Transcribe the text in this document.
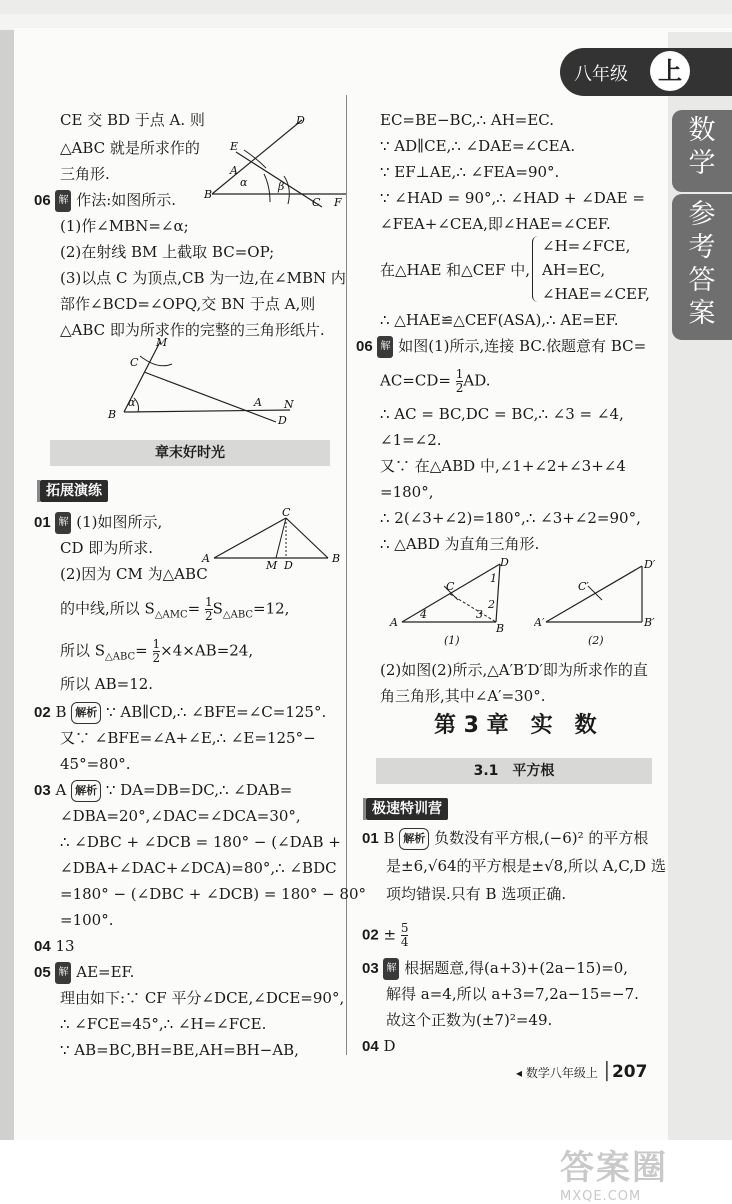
八年级	上
数
学
参
考
答
案
CE 交 BD 于点 A. 则
△ABC 就是所求作的
三角形.
D
E
A
α	β
B
C F
06 解 作法:如图所示.
(1)作∠MBN=∠α;
(2)在射线 BM 上截取 BC=OP;
(3)以点 C 为顶点,CB 为一边,在∠MBN 内
部作∠BCD=∠OPQ,交 BN 于点 A,则
△ABC 即为所求作的完整的三角形纸片.
M
C
α
B
A N
D
章末好时光
拓展演练
01 解 (1)如图所示,
CD 即为所求.
(2)因为 CM 为△ABC
C
A
M D
B
的中线,所以 $S_{\triangle AMC}= \frac{1}{2} S_{\triangle ABC}=12$,
所以 $S_{\triangle ABC}= \frac{1}{2} \times 4\times AB=24$,
所以 AB=12.
02 B 解析 ∵ AB∥CD,∴ ∠BFE=∠C=125°.
又∵ ∠BFE=∠A+∠E,∴ ∠E=125°−
45°=80°.
03 A 解析 ∵ DA=DB=DC,∴ ∠DAB=
∠DBA=20°,∠DAC=∠DCA=30°,
∴ ∠DBC + ∠DCB = 180° − (∠DAB +
∠DBA+∠DAC+∠DCA)=80°,∴ ∠BDC
=180° − (∠DBC + ∠DCB) = 180° − 80°
=100°.
04 13
05 解 AE=EF.
理由如下:∵ CF 平分∠DCE,∠DCE=90°,
∴ ∠FCE=45°,∴ ∠H=∠FCE.
∵ AB=BC,BH=BE,AH=BH−AB,
EC=BE−BC,∴ AH=EC.
∵ AD∥CE,∴ ∠DAE=∠CEA.
∵ EF⊥AE,∴ ∠FEA=90°.
∵ ∠HAD = 90°,∴ ∠HAD + ∠DAE =
∠FEA+∠CEA,即∠HAE=∠CEF.
在△HAE 和△CEF 中,
∠H=∠FCE,
AH=EC,
∠HAE=∠CEF,
∴ △HAE≌△CEF(ASA),∴ AE=EF.
06 解 如图(1)所示,连接 BC.依题意有 BC=
$AC=CD= \frac{1}{2}$ AD.
∴ AC = BC,DC = BC,∴ ∠3 = ∠4,
∠1=∠2.
又∵ 在△ABD 中,∠1+∠2+∠3+∠4
=180°,
∴ 2(∠3+∠2)=180°,∴ ∠3+∠2=90°,
∴ △ABD 为直角三角形.
D
1
C
2
4	3
A	B
(1)
D′
C′
A′	B′
(2)
(2)如图(2)所示,△A′B′D′即为所求作的直
角三角形,其中∠A′=30°.
第 3 章　实　数
3.1　平方根
极速特训营
01 B 解析 负数没有平方根,(−6)² 的平方根
是±6,√64的平方根是±√8,所以 A,C,D 选
项均错误.只有 B 选项正确.
$02 \pm \frac{5}{4}$
03 解 根据题意,得(a+3)+(2a−15)=0,
解得 a=4,所以 a+3=7,2a−15=−7.
故这个正数为(±7)²=49.
04 D
◂ 数学八年级上 │207
答案圈
MXQE.COM
